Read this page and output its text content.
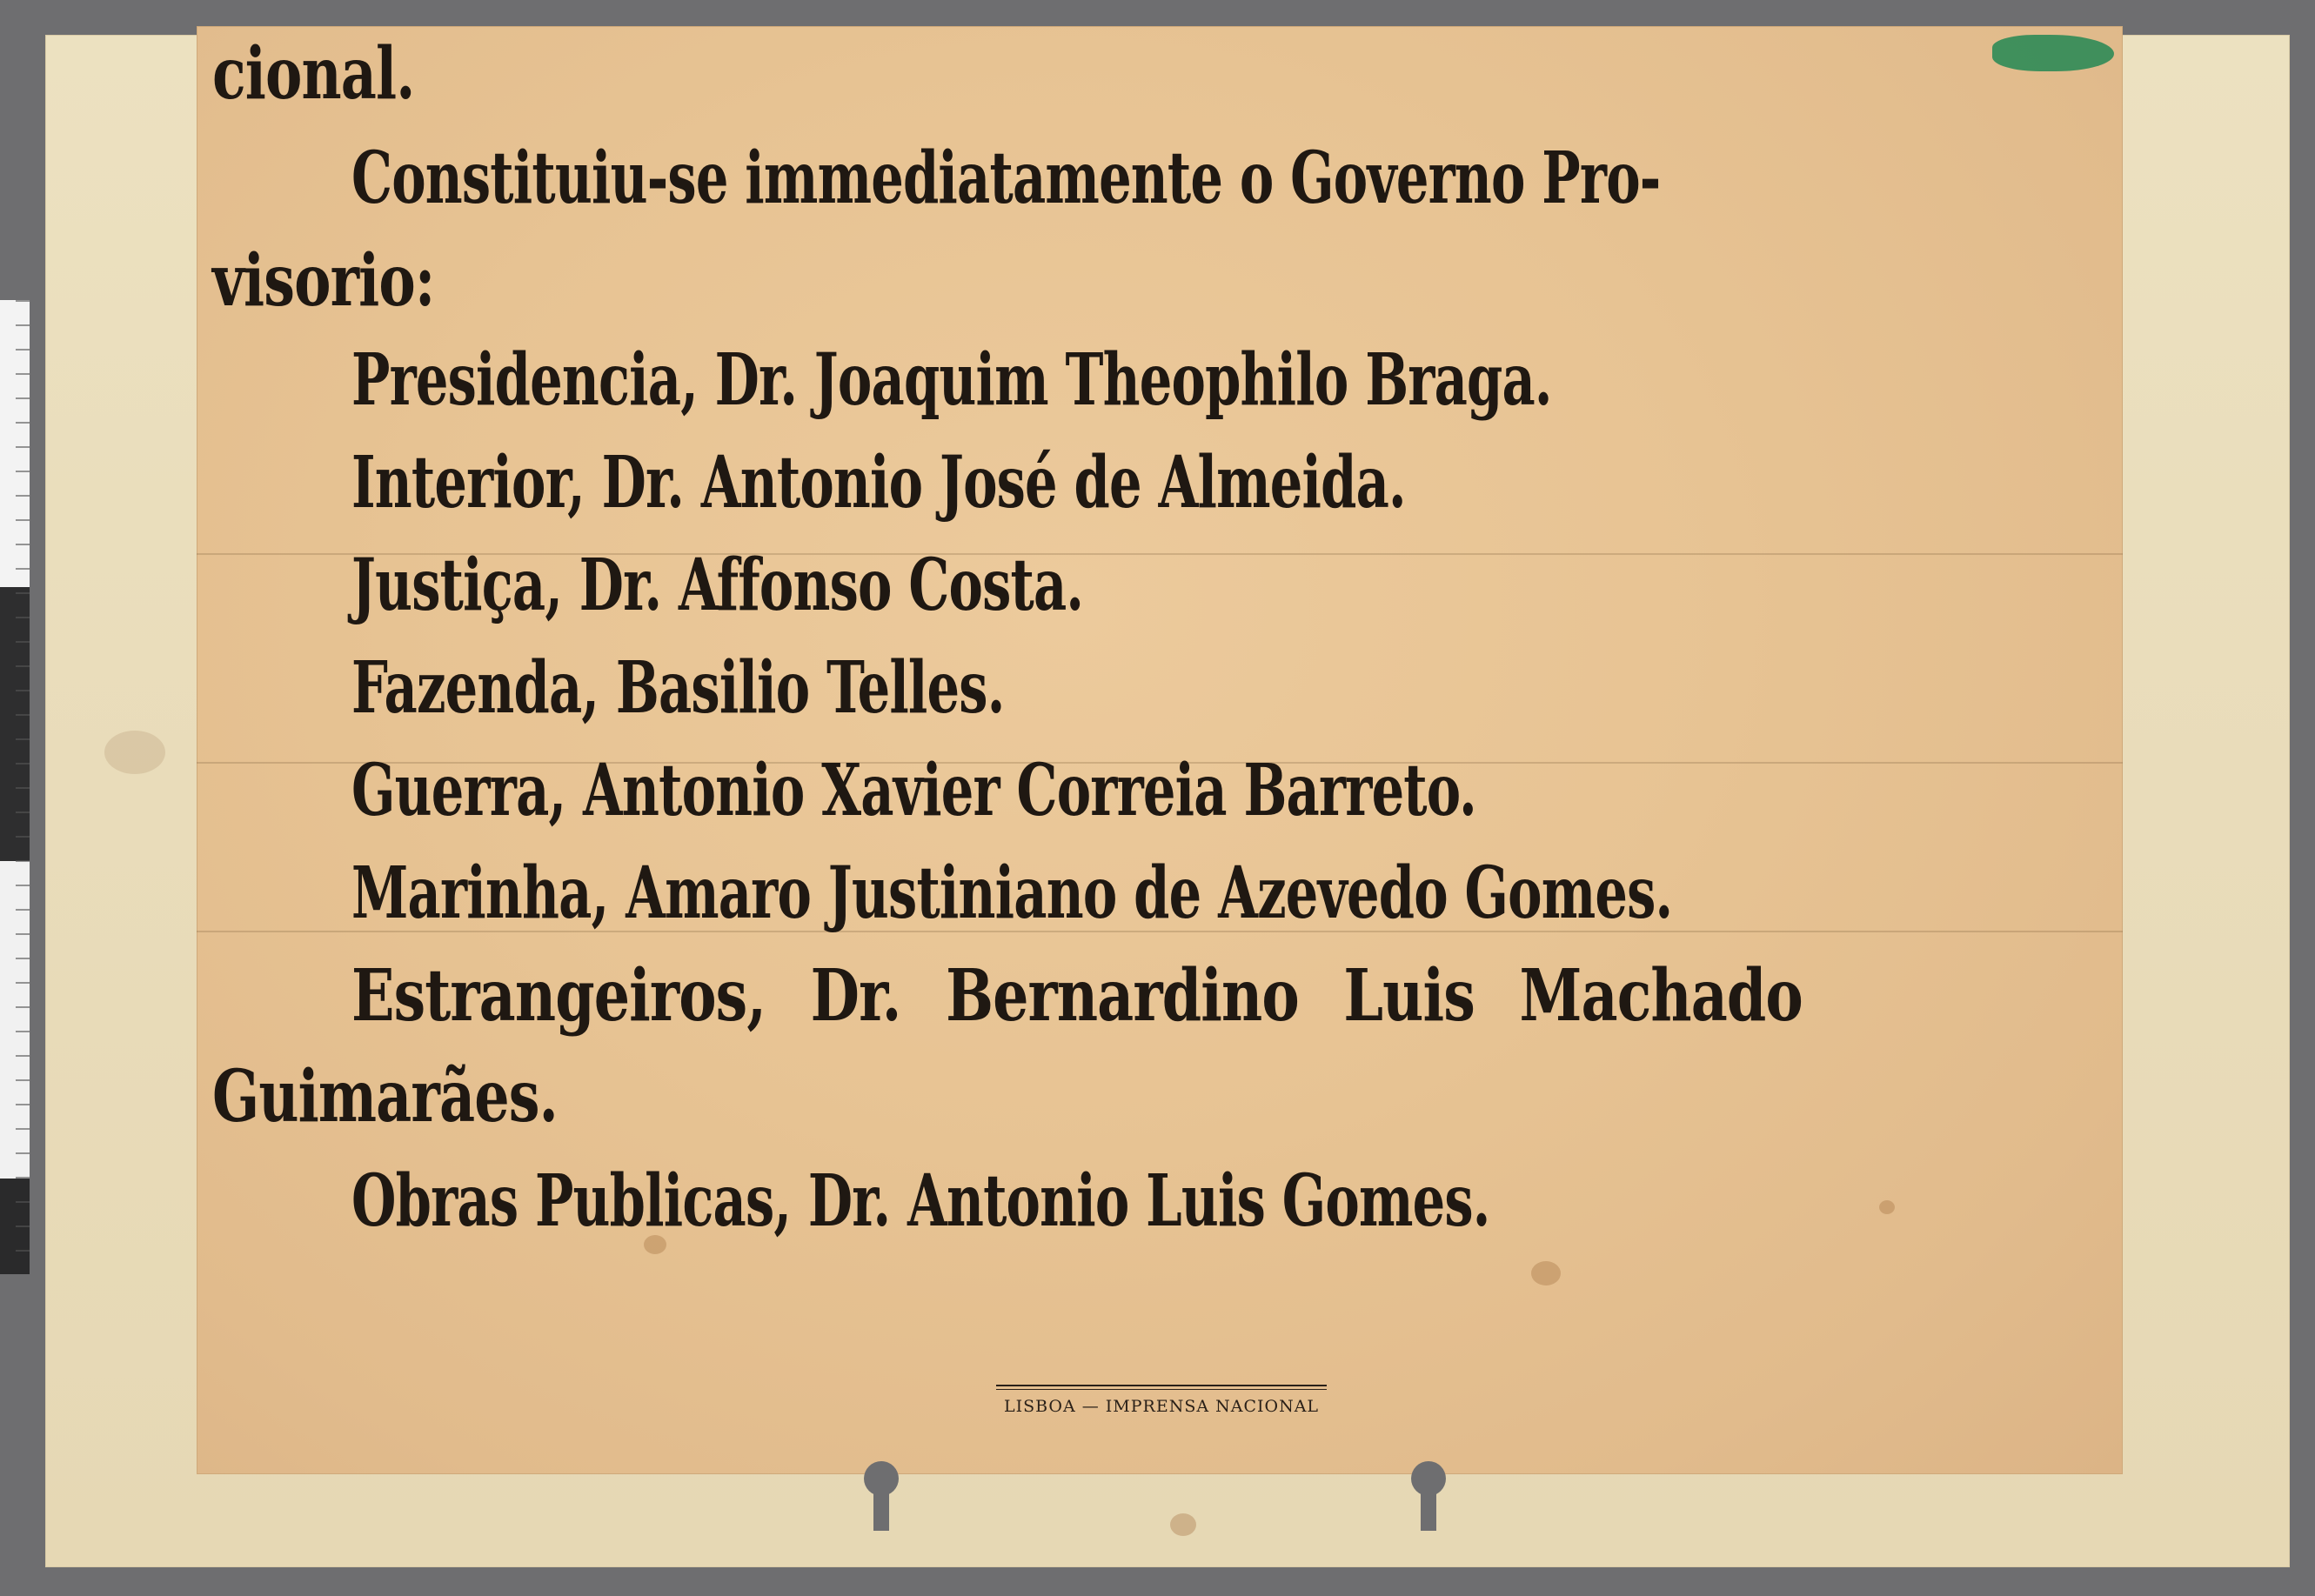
cional.
Constituiu-se immediatamente o Governo Pro-
visorio:
Presidencia, Dr. Joaquim Theophilo Braga.
Interior, Dr. Antonio José de Almeida.
Justiça, Dr. Affonso Costa.
Fazenda, Basilio Telles.
Guerra, Antonio Xavier Correia Barreto.
Marinha, Amaro Justiniano de Azevedo Gomes.
Estrangeiros, Dr. Bernardino Luis Machado
Guimarães.
Obras Publicas, Dr. Antonio Luis Gomes.
LISBOA — IMPRENSA NACIONAL
